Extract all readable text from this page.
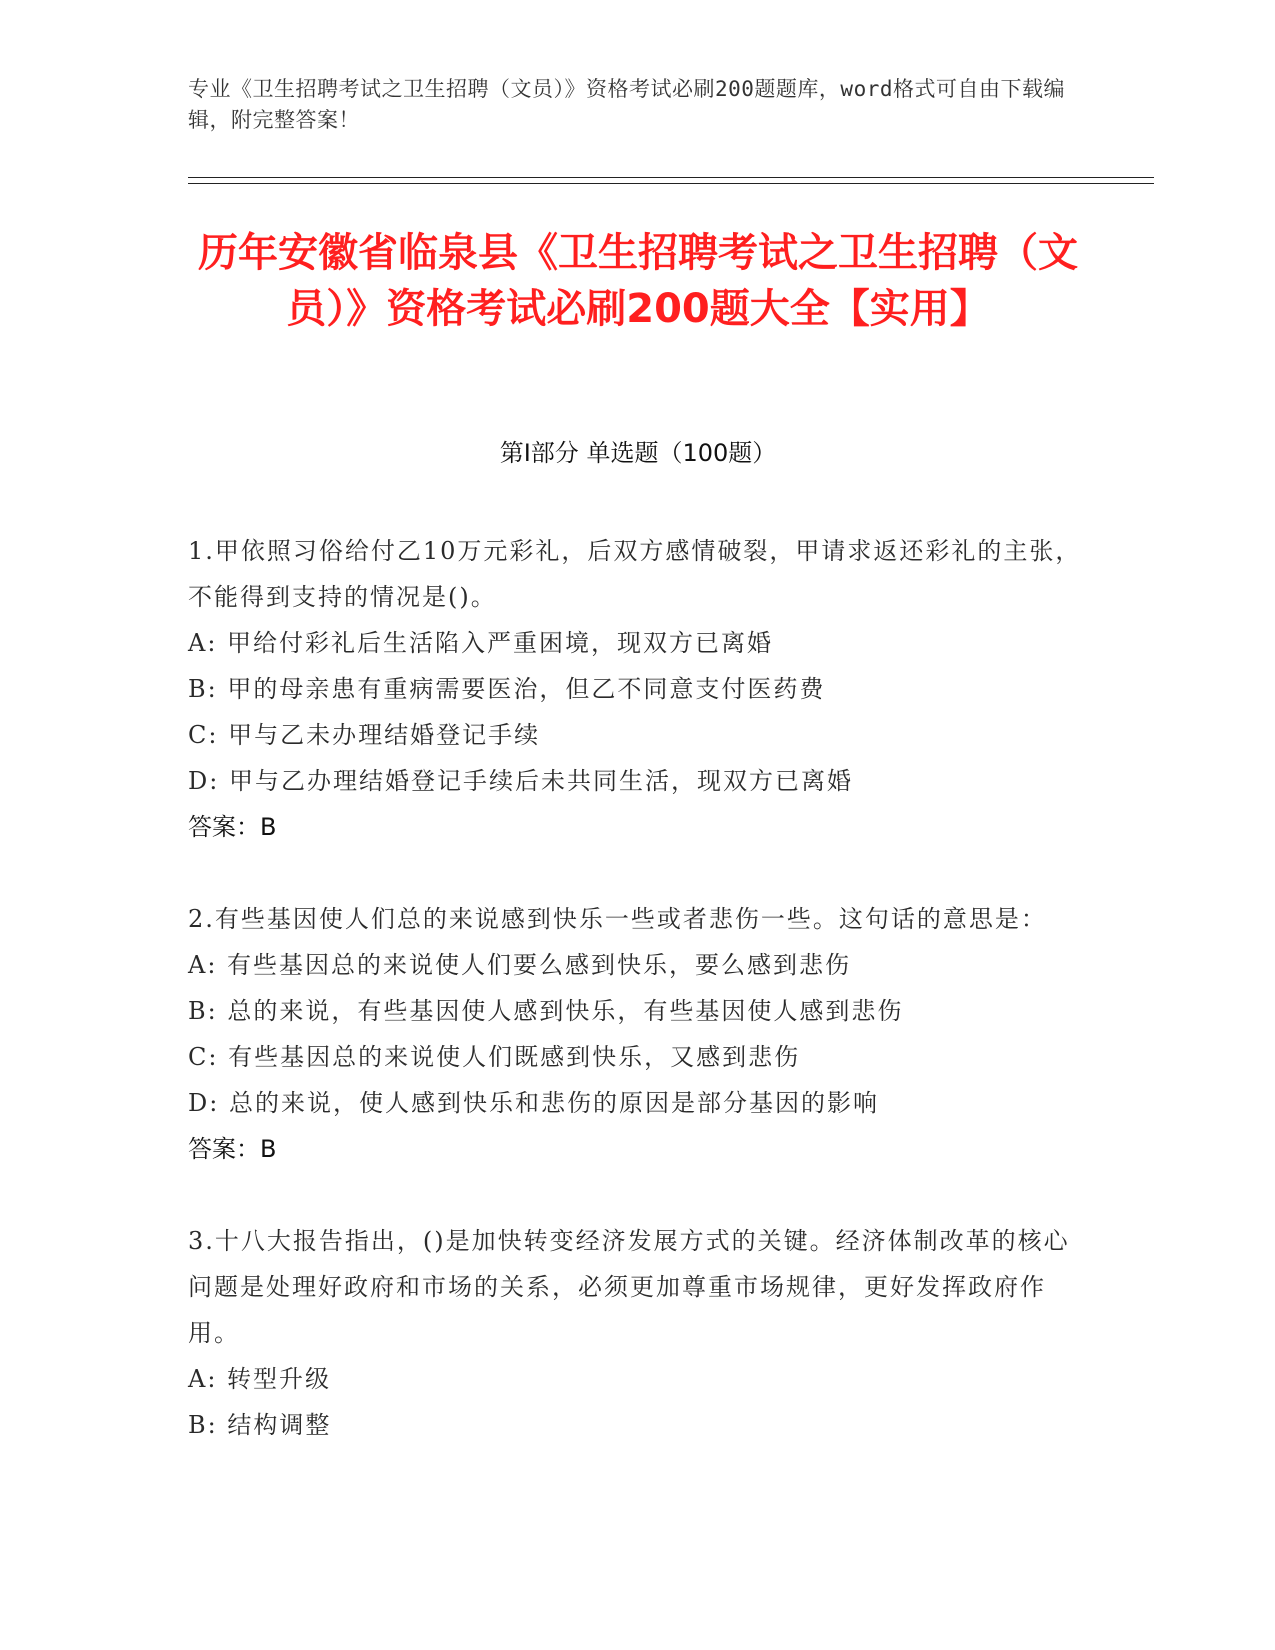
专业《卫生招聘考试之卫生招聘（文员）》资格考试必刷200题题库，word格式可自由下载编辑，附完整答案！
历年安徽省临泉县《卫生招聘考试之卫生招聘（文员）》资格考试必刷200题大全【实用】
第I部分 单选题（100题）
1.甲依照习俗给付乙10万元彩礼，后双方感情破裂，甲请求返还彩礼的主张，不能得到支持的情况是()。
A: 甲给付彩礼后生活陷入严重困境，现双方已离婚
B: 甲的母亲患有重病需要医治，但乙不同意支付医药费
C: 甲与乙未办理结婚登记手续
D: 甲与乙办理结婚登记手续后未共同生活，现双方已离婚
答案：B
2.有些基因使人们总的来说感到快乐一些或者悲伤一些。这句话的意思是：
A: 有些基因总的来说使人们要么感到快乐，要么感到悲伤
B: 总的来说，有些基因使人感到快乐，有些基因使人感到悲伤
C: 有些基因总的来说使人们既感到快乐，又感到悲伤
D: 总的来说，使人感到快乐和悲伤的原因是部分基因的影响
答案：B
3.十八大报告指出，()是加快转变经济发展方式的关键。经济体制改革的核心问题是处理好政府和市场的关系，必须更加尊重市场规律，更好发挥政府作用。
A: 转型升级
B: 结构调整
